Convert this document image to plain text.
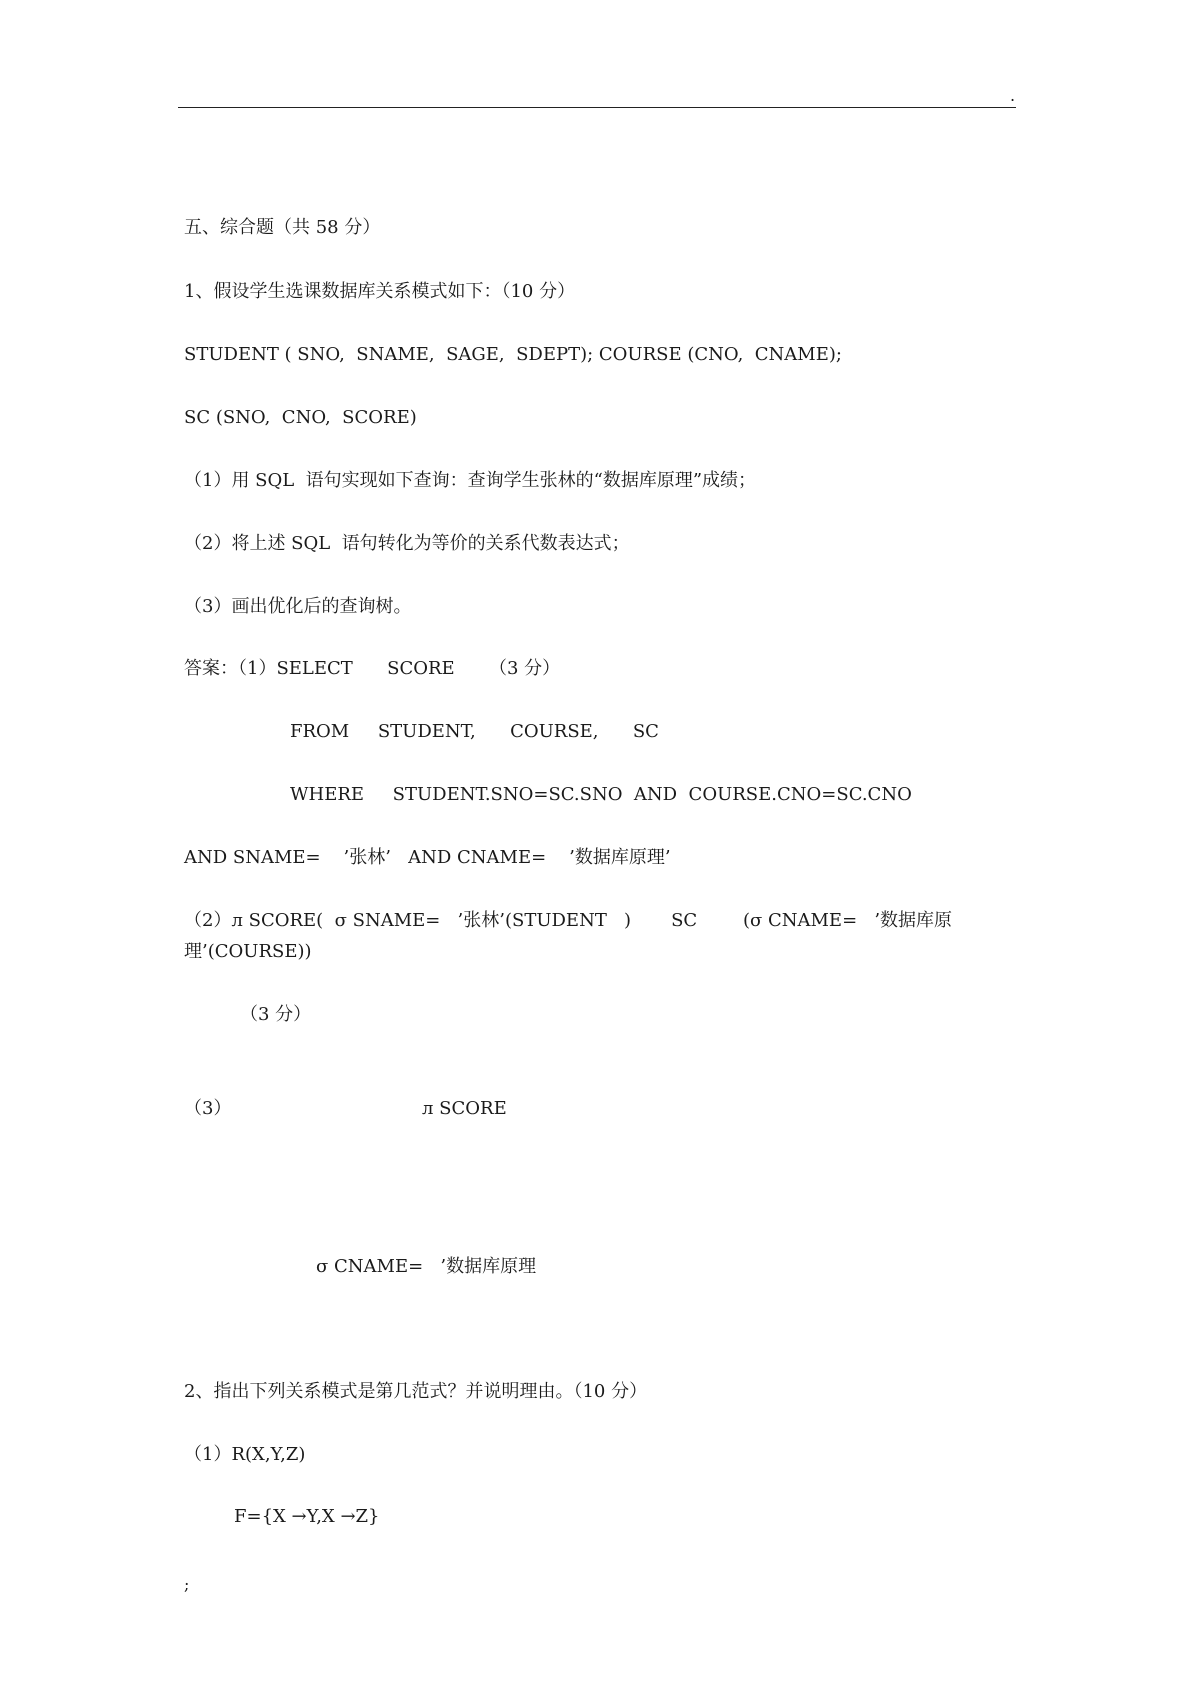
.
五、综合题（共 58 分）
1、假设学生选课数据库关系模式如下：（10 分）
STUDENT ( SNO,  SNAME,  SAGE,  SDEPT); COURSE (CNO,  CNAME);
SC (SNO,  CNO,  SCORE)
（1）用 SQL  语句实现如下查询：查询学生张林的“数据库原理”成绩；
（2）将上述 SQL  语句转化为等价的关系代数表达式；
（3）画出优化后的查询树。
答案：（1）SELECT      SCORE      （3 分）
FROM     STUDENT,      COURSE,      SC
WHERE     STUDENT.SNO=SC.SNO  AND  COURSE.CNO=SC.CNO
AND SNAME=    ’张林’   AND CNAME=    ’数据库原理’
（2）л SCORE(  σ SNAME=   ’张林’(STUDENT   )       SC        (σ CNAME=   ’数据库原
理’(COURSE))
（3 分）
（3）	л SCORE
σ CNAME=   ’数据库原理
2、指出下列关系模式是第几范式？并说明理由。（10 分）
（1）R(X,Y,Z)
F={X →Y,X →Z}
;
